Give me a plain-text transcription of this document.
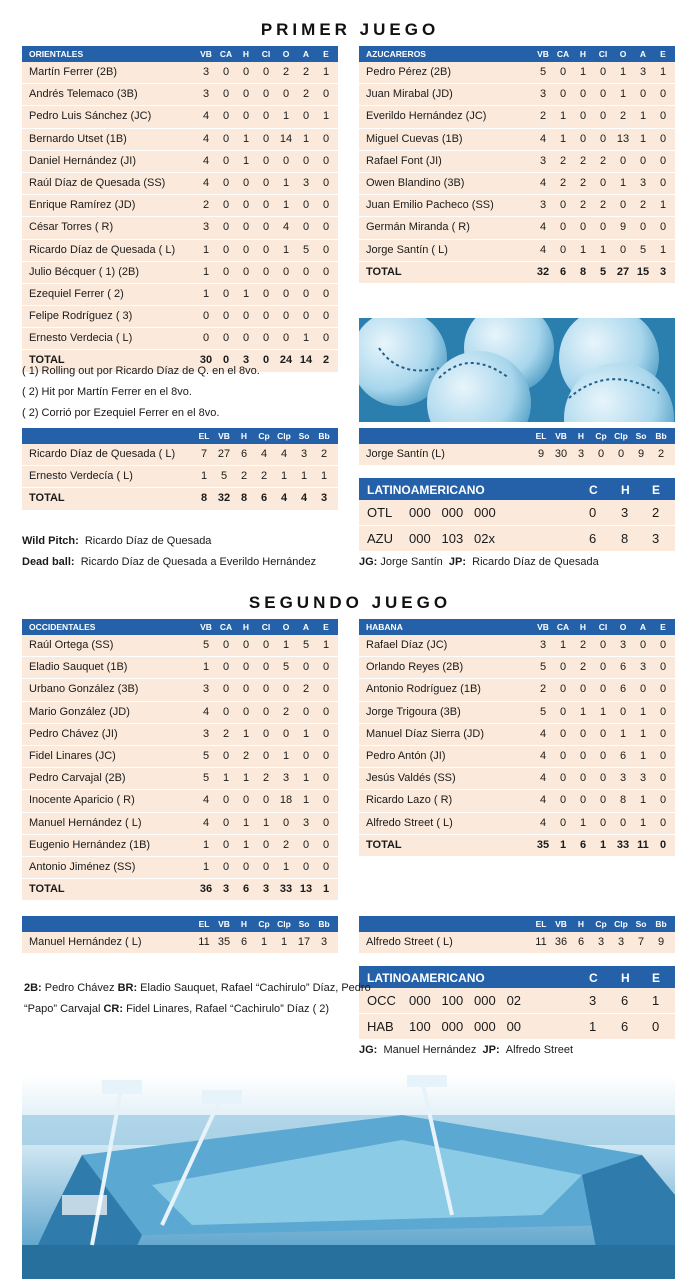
PRIMER JUEGO
ORIENTALES	VB CA	H	CI	O	A	E
Martín Ferrer (2B)	3	0	0	0	2	2	1
Andrés Telemaco (3B)	3	0	0	0	0	2	0
Pedro Luis Sánchez (JC)	4	0	0	0	1	0	1
Bernardo Utset (1B)	4	0	1	0 14 1	0
Daniel Hernández (JI)	4	0	1	0	0	0	0
Raúl Díaz de Quesada (SS)	4	0	0	0	1	3	0
Enrique Ramírez (JD)	2	0	0	0	1	0	0
César Torres ( R)	3	0	0	0	4	0	0
Ricardo Díaz de Quesada ( L)	1	0	0	0	1	5	0
Julio Bécquer ( 1) (2B)	1	0	0	0	0	0	0
Ezequiel Ferrer ( 2)	1	0	1	0	0	0	0
Felipe Rodríguez ( 3)	0	0	0	0	0	0	0
Ernesto Verdecia ( L)	0	0	0	0	0	1	0
TOTAL	30 0	3	0 24 14 2
AZUCAREROS	VB CA	H	CI	O	A	E
Pedro Pérez (2B)	5	0	1	0	1	3	1
Juan Mirabal (JD)	3	0	0	0	1	0	0
Everildo Hernández (JC)	2	1	0	0	2	1	0
Miguel Cuevas (1B)	4	1	0	0 13 1	0
Rafael Font (JI)	3	2	2	2	0	0	0
Owen Blandino (3B)	4	2	2	0	1	3	0
Juan Emilio Pacheco (SS)	3	0	2	2	0	2	1
Germán Miranda ( R)	4	0	0	0	9	0	0
Jorge Santín ( L)	4	0	1	1	0	5	1
TOTAL	32 6	8	5 27 15 3
( 1) Rolling out por Ricardo Díaz de Q. en el 8vo.
( 2) Hit por Martín Ferrer en el 8vo.
( 2) Corrió por Ezequiel Ferrer en el 8vo.
EL	VB	H	Cp Clp So	Bb
Ricardo Díaz de Quesada ( L)	7 27 6	4	4	3	2
Ernesto Verdecía ( L)	1	5	2	2	1	1	1
TOTAL	8 32 8	6	4	4	3
EL	VB	H	Cp Clp So	Bb
Jorge Santín (L)	9 30 3	0	0	9	2
LATINOAMERICANO	C H E
OTL 000   000   000	0 3 2
AZU 000   103   02x	6 8 3
Wild Pitch: Ricardo Díaz de Quesada
Dead ball: Ricardo Díaz de Quesada a Everildo Hernández	JG: Jorge Santín JP: Ricardo Díaz de Quesada
SEGUNDO JUEGO
OCCIDENTALES	VB CA	H	CI	O	A	E
Raúl Ortega (SS)	5	0	0	0	1	5	1
Eladio Sauquet (1B)	1	0	0	0	5	0	0
Urbano González (3B)	3	0	0	0	0	2	0
Mario González (JD)	4	0	0	0	2	0	0
Pedro Chávez (JI)	3	2	1	0	0	1	0
Fidel Linares (JC)	5	0	2	0	1	0	0
Pedro Carvajal (2B)	5	1	1	2	3	1	0
Inocente Aparicio ( R)	4	0	0	0 18 1	0
Manuel Hernández ( L)	4	0	1	1	0	3	0
Eugenio Hernández (1B)	1	0	1	0	2	0	0
Antonio Jiménez (SS)	1	0	0	0	1	0	0
TOTAL	36 3	6	3 33 13 1
HABANA	VB CA	H	CI	O	A	E
Rafael Díaz (JC)	3	1	2	0	3	0	0
Orlando Reyes (2B)	5	0	2	0	6	3	0
Antonio Rodríguez (1B)	2	0	0	0	6	0	0
Jorge Trigoura (3B)	5	0	1	1	0	1	0
Manuel Díaz Sierra (JD)	4	0	0	0	1	1	0
Pedro Antón (JI)	4	0	0	0	6	1	0
Jesús Valdés (SS)	4	0	0	0	3	3	0
Ricardo Lazo ( R)	4	0	0	0	8	1	0
Alfredo Street ( L)	4	0	1	0	0	1	0
TOTAL	35 1	6	1 33 11	0
EL	VB	H	Cp Clp So	Bb
Manuel Hernández ( L)	11 35 6	1	1 17 3
EL	VB	H	Cp Clp So	Bb
Alfredo Street ( L)	11 36 6	3	3	7	9
LATINOAMERICANO	C H E
OCC 000   100   000   02	3 6 1
HAB 100   000   000   00	1 6 0
2B: Pedro Chávez BR: Eladio Sauquet, Rafael “Cachirulo” Díaz, Pedro
“Papo” Carvajal CR: Fidel Linares, Rafael “Cachirulo” Díaz ( 2)
JG: Manuel Hernández JP: Alfredo Street
